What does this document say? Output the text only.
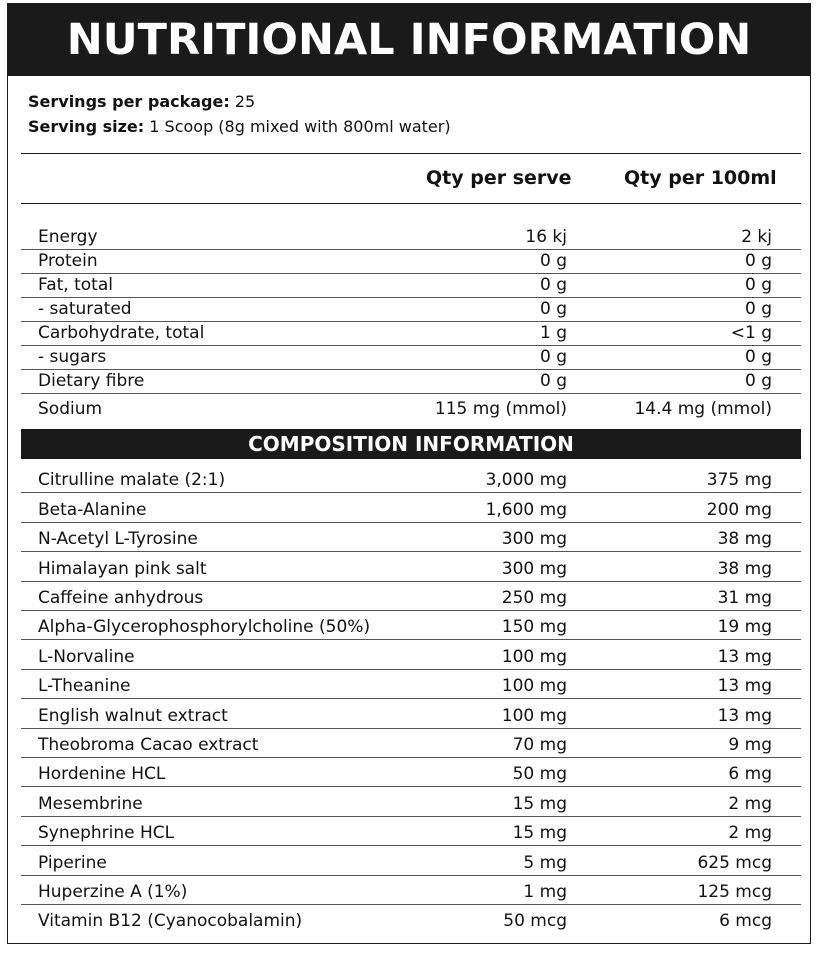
NUTRITIONAL INFORMATION
Servings per package: 25
Serving size: 1 Scoop (8g mixed with 800ml water)
Qty per serve	Qty per 100ml
Energy	16 kj	2 kj
Protein	0 g	0 g
Fat, total	0 g	0 g
- saturated	0 g	0 g
Carbohydrate, total	1 g	<1 g
- sugars	0 g	0 g
Dietary fibre	0 g	0 g
Sodium	115 mg (mmol)	14.4 mg (mmol)
COMPOSITION INFORMATION
Citrulline malate (2:1)	3,000 mg	375 mg
Beta-Alanine	1,600 mg	200 mg
N-Acetyl L-Tyrosine	300 mg	38 mg
Himalayan pink salt	300 mg	38 mg
Caffeine anhydrous	250 mg	31 mg
Alpha-Glycerophosphorylcholine (50%)	150 mg	19 mg
L-Norvaline	100 mg	13 mg
L-Theanine	100 mg	13 mg
English walnut extract	100 mg	13 mg
Theobroma Cacao extract	70 mg	9 mg
Hordenine HCL	50 mg	6 mg
Mesembrine	15 mg	2 mg
Synephrine HCL	15 mg	2 mg
Piperine	5 mg	625 mcg
Huperzine A (1%)	1 mg	125 mcg
Vitamin B12 (Cyanocobalamin)	50 mcg	6 mcg
